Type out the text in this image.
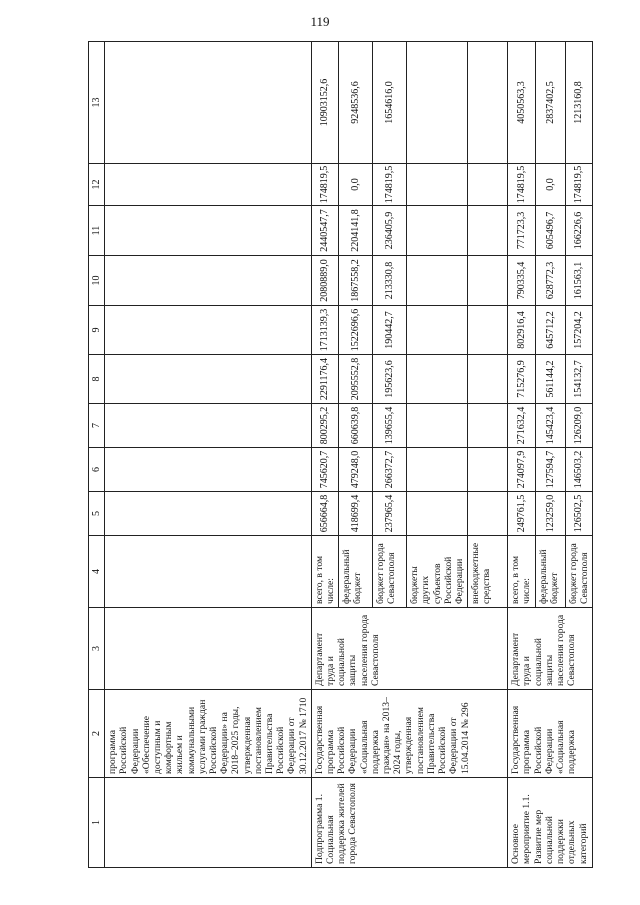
119
1	2	3	4	5	6	7	8	9	10	11	12	13
	программа Российской Федерации «Обеспечение доступным и комфортным жильем и коммунальными услугами граждан Российской Федерации» на 2018–2025 годы, утвержденная постановлением Правительства Российской Федерации от 30.12.2017 № 1710											
Подпрограмма 1. Социальная поддержка жителей города Севастополя	Государственная программа Российской Федерации «Социальная поддержка граждан» на 2013–2024 годы, утвержденная постановлением Правительства Российской Федерации от 15.04.2014 № 296	Департамент труда и социальной защиты населения города Севастополя	всего, в том числе:	656664,8	745620,7	800295,2	2291176,4	1713139,3	2080889,0	2440547,7	174819,5	10903152,6
			федеральный бюджет	418699,4	479248,0	660639,8	2095552,8	1522696,6	1867558,2	2204141,8	0,0	9248536,6
			бюджет города Севастополя	237965,4	266372,7	139655,4	195623,6	190442,7	213330,8	236405,9	174819,5	1654616,0
			бюджеты других субъектов Российской Федерации									
			внебюджетные средства									
Основное мероприятие 1.1. Развитие мер социальной поддержки отдельных категорий	Государственная программа Российской Федерации «Социальная поддержка	Департамент труда и социальной защиты населения города Севастополя	всего, в том числе:	249761,5	274097,9	271632,4	715276,9	802916,4	790335,4	771723,3	174819,5	4050563,3
			федеральный бюджет	123259,0	127594,7	145423,4	561144,2	645712,2	628772,3	605496,7	0,0	2837402,5
			бюджет города Севастополя	126502,5	146503,2	126209,0	154132,7	157204,2	161563,1	166226,6	174819,5	1213160,8
